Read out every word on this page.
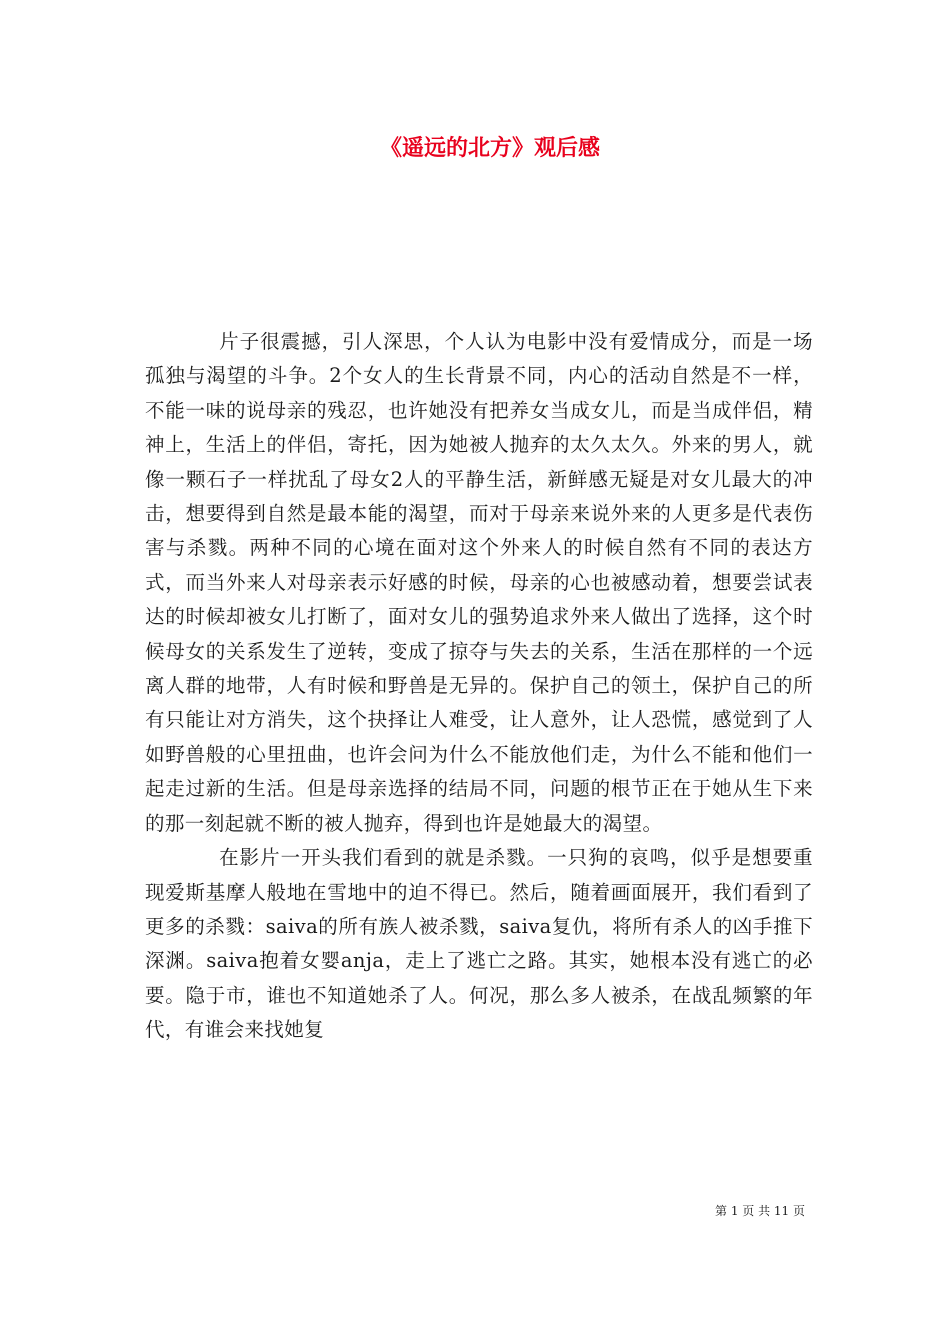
《遥远的北方》观后感

片子很震撼，引人深思，个人认为电影中没有爱情成分，而是一场孤独与渴望的斗争。2个女人的生长背景不同，内心的活动自然是不一样，不能一味的说母亲的残忍，也许她没有把养女当成女儿，而是当成伴侣，精神上，生活上的伴侣，寄托，因为她被人抛弃的太久太久。外来的男人，就像一颗石子一样扰乱了母女2人的平静生活，新鲜感无疑是对女儿最大的冲击，想要得到自然是最本能的渴望，而对于母亲来说外来的人更多是代表伤害与杀戮。两种不同的心境在面对这个外来人的时候自然有不同的表达方式，而当外来人对母亲表示好感的时候，母亲的心也被感动着，想要尝试表达的时候却被女儿打断了，面对女儿的强势追求外来人做出了选择，这个时候母女的关系发生了逆转，变成了掠夺与失去的关系，生活在那样的一个远离人群的地带，人有时候和野兽是无异的。保护自己的领土，保护自己的所有只能让对方消失，这个抉择让人难受，让人意外，让人恐慌，感觉到了人如野兽般的心里扭曲，也许会问为什么不能放他们走，为什么不能和他们一起走过新的生活。但是母亲选择的结局不同，问题的根节正在于她从生下来的那一刻起就不断的被人抛弃，得到也许是她最大的渴望。

在影片一开头我们看到的就是杀戮。一只狗的哀鸣，似乎是想要重现爱斯基摩人般地在雪地中的迫不得已。然后，随着画面展开，我们看到了更多的杀戮：saiva的所有族人被杀戮，saiva复仇，将所有杀人的凶手推下深渊。saiva抱着女婴anja，走上了逃亡之路。其实，她根本没有逃亡的必要。隐于市，谁也不知道她杀了人。何况，那么多人被杀，在战乱频繁的年代，有谁会来找她复

第 1 页 共 11 页
